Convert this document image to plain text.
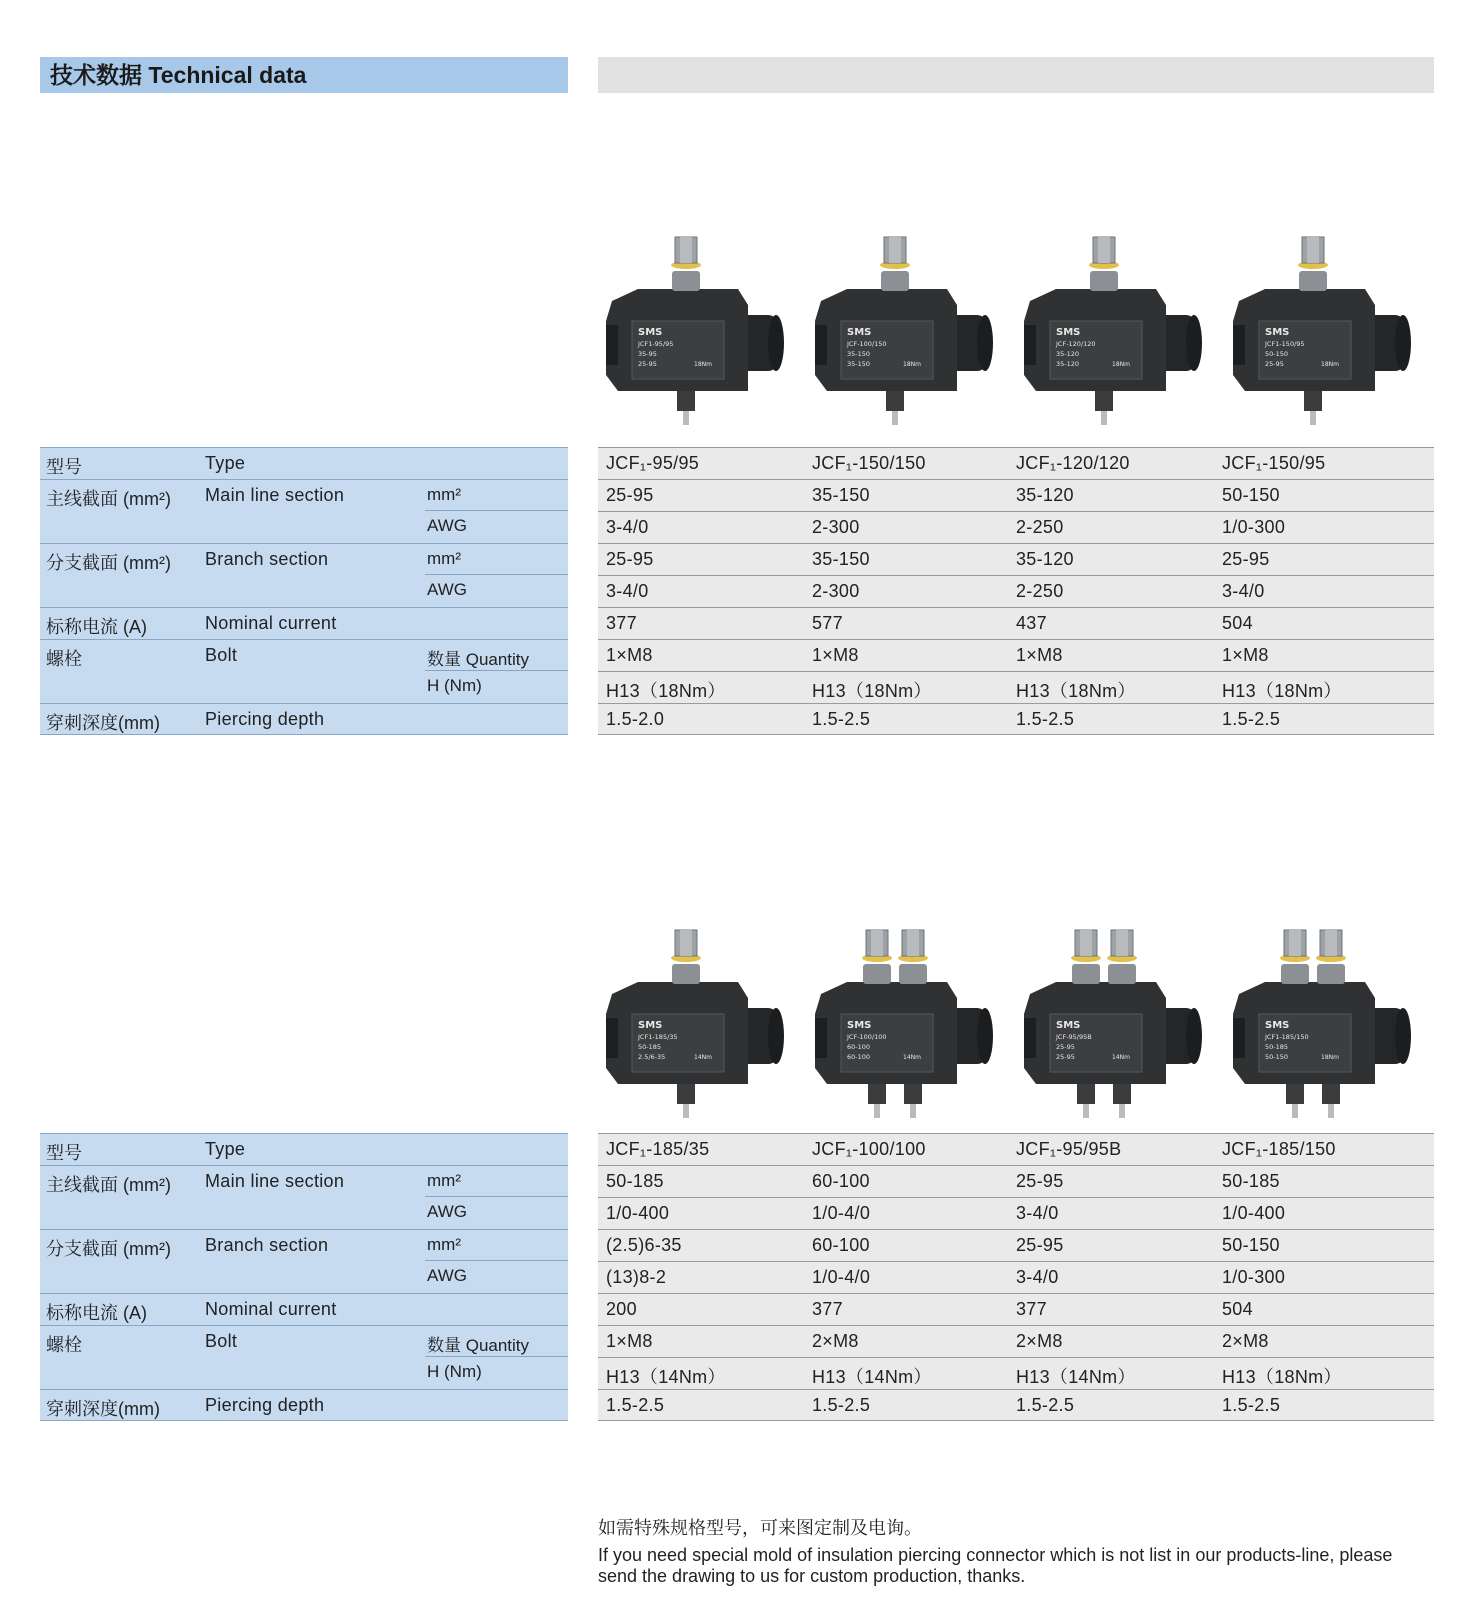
技术数据 Technical data
SMS
JCF1-95/95
35-95
25-95	18Nm
SMS
JCF-100/150
35-150
35-150	18Nm
SMS
JCF-120/120
35-120
35-120	18Nm
SMS
JCF1-150/95
50-150
25-95	18Nm
SMS
JCF1-185/35
50-185
2.5/6-35	14Nm
SMS
JCF-100/100
60-100
60-100	14Nm
SMS
JCF-95/95B
25-95
25-95	14Nm
SMS
JCF1-185/150
50-185
50-150	18Nm
型号	Type	JCF₁-95/95	JCF₁-150/150	JCF₁-120/120	JCF₁-150/95
主线截面 (mm²) Main line section	mm²	25-95	35-150	35-120	50-150
AWG	3-4/0	2-300	2-250	1/0-300
分支截面 (mm²) Branch section	mm²	25-95	35-150	35-120	25-95
AWG	3-4/0	2-300	2-250	3-4/0
标称电流 (A)	Nominal current	377	577	437	504
螺栓	Bolt	数量 Quantity	1×M8	1×M8	1×M8	1×M8
H (Nm)	H13（18Nm）	H13（18Nm）	H13（18Nm）	H13（18Nm）
穿刺深度(mm)	Piercing depth	1.5-2.0	1.5-2.5	1.5-2.5	1.5-2.5
型号	Type	JCF₁-185/35	JCF₁-100/100	JCF₁-95/95B	JCF₁-185/150
主线截面 (mm²) Main line section	mm²	50-185	60-100	25-95	50-185
AWG	1/0-400	1/0-4/0	3-4/0	1/0-400
分支截面 (mm²) Branch section	mm²	(2.5)6-35	60-100	25-95	50-150
AWG	(13)8-2	1/0-4/0	3-4/0	1/0-300
标称电流 (A)	Nominal current	200	377	377	504
螺栓	Bolt	数量 Quantity	1×M8	2×M8	2×M8	2×M8
H (Nm)	H13（14Nm）	H13（14Nm）	H13（14Nm）	H13（18Nm）
穿刺深度(mm)	Piercing depth	1.5-2.5	1.5-2.5	1.5-2.5	1.5-2.5
如需特殊规格型号，可来图定制及电询。
If you need special mold of insulation piercing connector which is not list in our products-line, please send the drawing to us for custom production, thanks.
